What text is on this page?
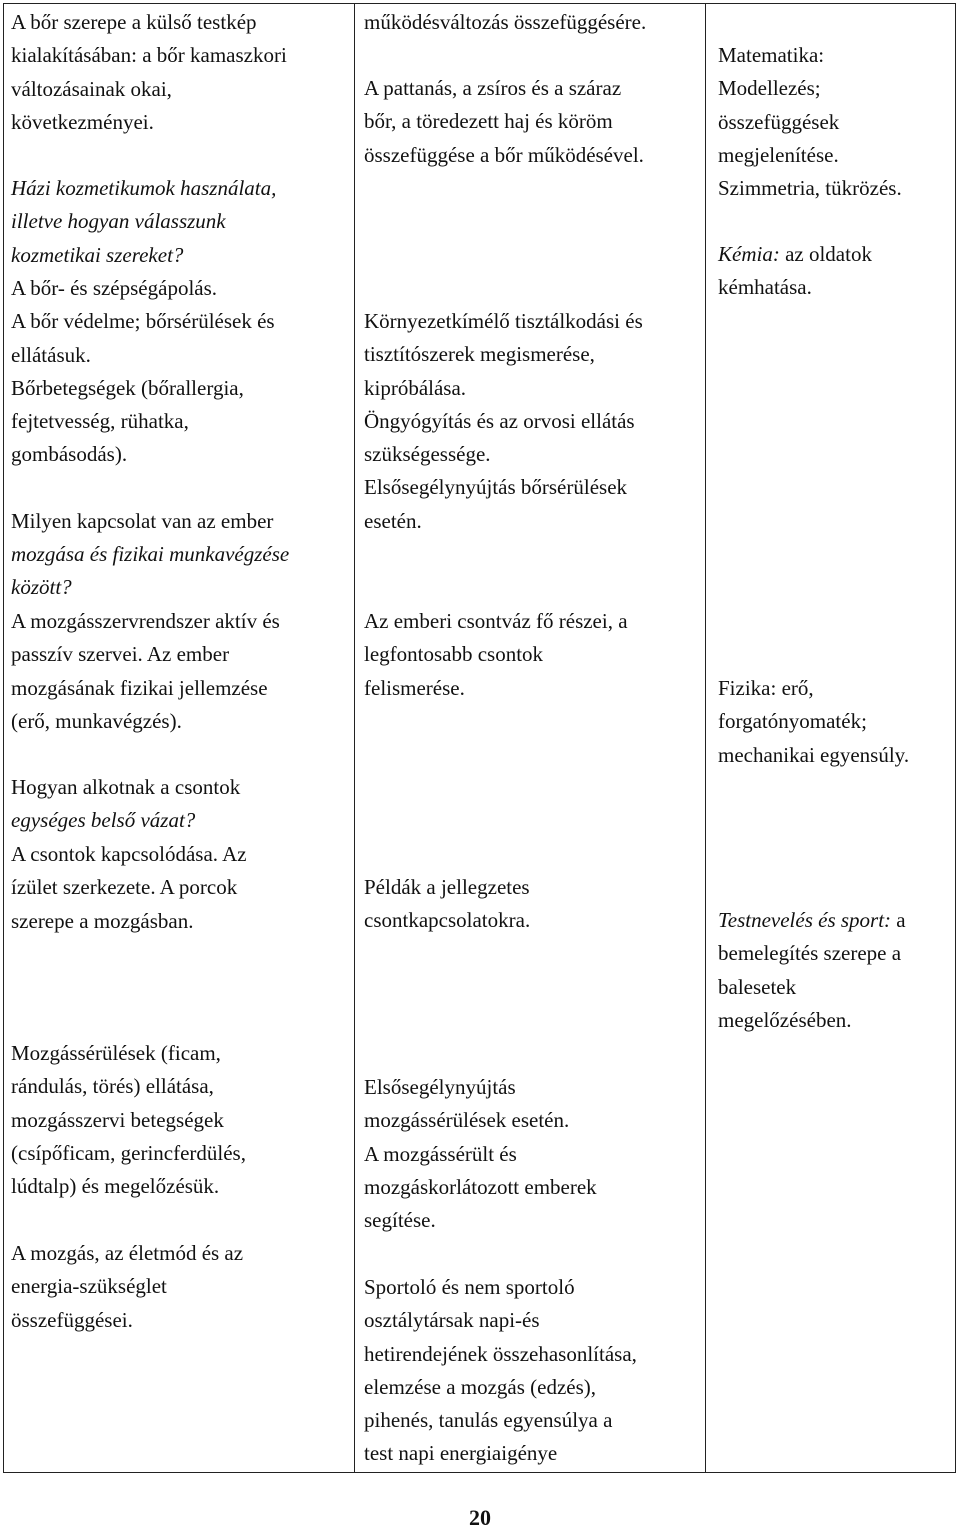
A bőr szerepe a külső testkép
kialakításában: a bőr kamaszkori
változásainak okai,
következményei.
Házi kozmetikumok használata,
illetve hogyan válasszunk
kozmetikai szereket?
A bőr- és szépségápolás.
A bőr védelme; bőrsérülések és
ellátásuk.
Bőrbetegségek (bőrallergia,
fejtetvesség, rühatka,
gombásodás).
Milyen kapcsolat van az ember
mozgása és fizikai munkavégzése
között?
A mozgásszervrendszer aktív és
passzív szervei. Az ember
mozgásának fizikai jellemzése
(erő, munkavégzés).
Hogyan alkotnak a csontok
egységes belső vázat?
A csontok kapcsolódása. Az
ízület szerkezete. A porcok
szerepe a mozgásban.
Mozgássérülések (ficam,
rándulás, törés) ellátása,
mozgásszervi betegségek
(csípőficam, gerincferdülés,
lúdtalp) és megelőzésük.
A mozgás, az életmód és az
energia-szükséglet
összefüggései.
működésváltozás összefüggésére.
A pattanás, a zsíros és a száraz
bőr, a töredezett haj és köröm
összefüggése a bőr működésével.
Környezetkímélő tisztálkodási és
tisztítószerek megismerése,
kipróbálása.
Öngyógyítás és az orvosi ellátás
szükségessége.
Elsősegélynyújtás bőrsérülések
esetén.
Az emberi csontváz fő részei, a
legfontosabb csontok
felismerése.
Példák a jellegzetes
csontkapcsolatokra.
Elsősegélynyújtás
mozgássérülések esetén.
A mozgássérült és
mozgáskorlátozott emberek
segítése.
Sportoló és nem sportoló
osztálytársak napi-és
hetirendejének összehasonlítása,
elemzése a mozgás (edzés),
pihenés, tanulás egyensúlya a
test napi energiaigénye
Matematika:
Modellezés;
összefüggések
megjelenítése.
Szimmetria, tükrözés.
Kémia: az oldatok
kémhatása.
Fizika: erő,
forgatónyomaték;
mechanikai egyensúly.
Testnevelés és sport: a
bemelegítés szerepe a
balesetek
megelőzésében.
20
